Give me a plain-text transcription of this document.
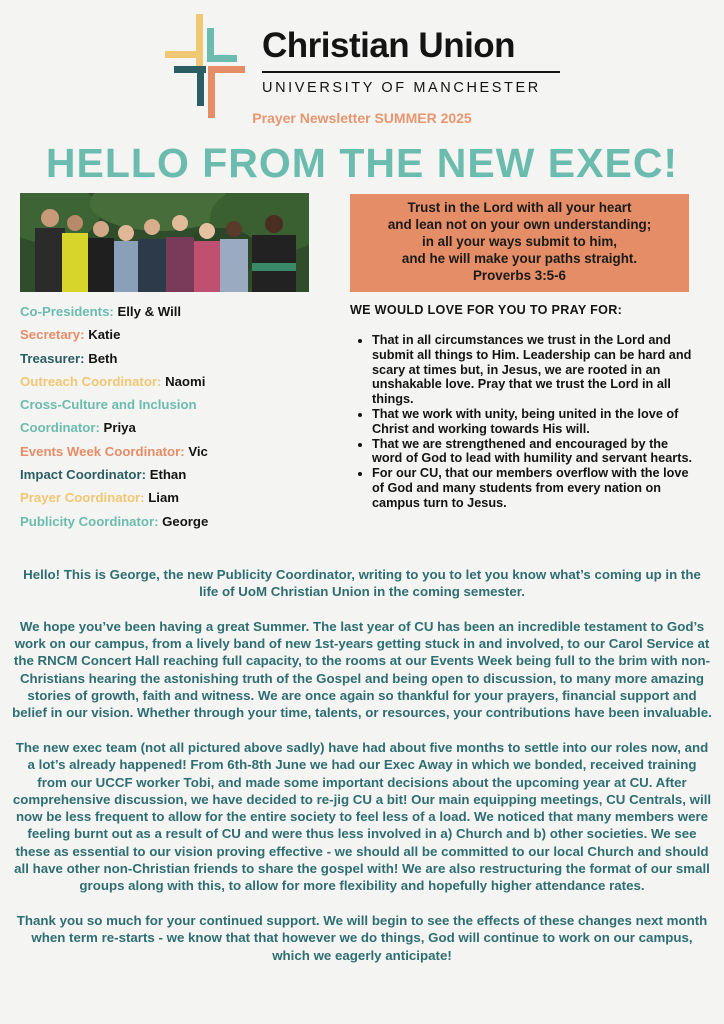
Christian Union
UNIVERSITY OF MANCHESTER
Prayer Newsletter SUMMER 2025
HELLO FROM THE NEW EXEC!
Trust in the Lord with all your heart
and lean not on your own understanding;
in all your ways submit to him,
and he will make your paths straight.
Proverbs 3:5-6
Co-Presidents: Elly & Will
Secretary: Katie
Treasurer: Beth
Outreach Coordinator: Naomi
Cross-Culture and Inclusion
Coordinator: Priya
Events Week Coordinator: Vic
Impact Coordinator: Ethan
Prayer Coordinator: Liam
Publicity Coordinator: George
WE WOULD LOVE FOR YOU TO PRAY FOR:
• That in all circumstances we trust in the Lord and submit all things to Him. Leadership can be hard and scary at times but, in Jesus, we are rooted in an unshakable love. Pray that we trust the Lord in all things.
• That we work with unity, being united in the love of Christ and working towards His will.
• That we are strengthened and encouraged by the word of God to lead with humility and servant hearts.
• For our CU, that our members overflow with the love of God and many students from every nation on campus turn to Jesus.

Hello! This is George, the new Publicity Coordinator, writing to you to let you know what’s coming up in the life of UoM Christian Union in the coming semester.

We hope you’ve been having a great Summer. The last year of CU has been an incredible testament to God’s work on our campus, from a lively band of new 1st-years getting stuck in and involved, to our Carol Service at the RNCM Concert Hall reaching full capacity, to the rooms at our Events Week being full to the brim with non-Christians hearing the astonishing truth of the Gospel and being open to discussion, to many more amazing stories of growth, faith and witness. We are once again so thankful for your prayers, financial support and belief in our vision. Whether through your time, talents, or resources, your contributions have been invaluable.

The new exec team (not all pictured above sadly) have had about five months to settle into our roles now, and a lot’s already happened! From 6th-8th June we had our Exec Away in which we bonded, received training from our UCCF worker Tobi, and made some important decisions about the upcoming year at CU. After comprehensive discussion, we have decided to re-jig CU a bit! Our main equipping meetings, CU Centrals, will now be less frequent to allow for the entire society to feel less of a load. We noticed that many members were feeling burnt out as a result of CU and were thus less involved in a) Church and b) other societies. We see these as essential to our vision proving effective - we should all be committed to our local Church and should all have other non-Christian friends to share the gospel with! We are also restructuring the format of our small groups along with this, to allow for more flexibility and hopefully higher attendance rates.

Thank you so much for your continued support. We will begin to see the effects of these changes next month when term re-starts - we know that that however we do things, God will continue to work on our campus, which we eagerly anticipate!
